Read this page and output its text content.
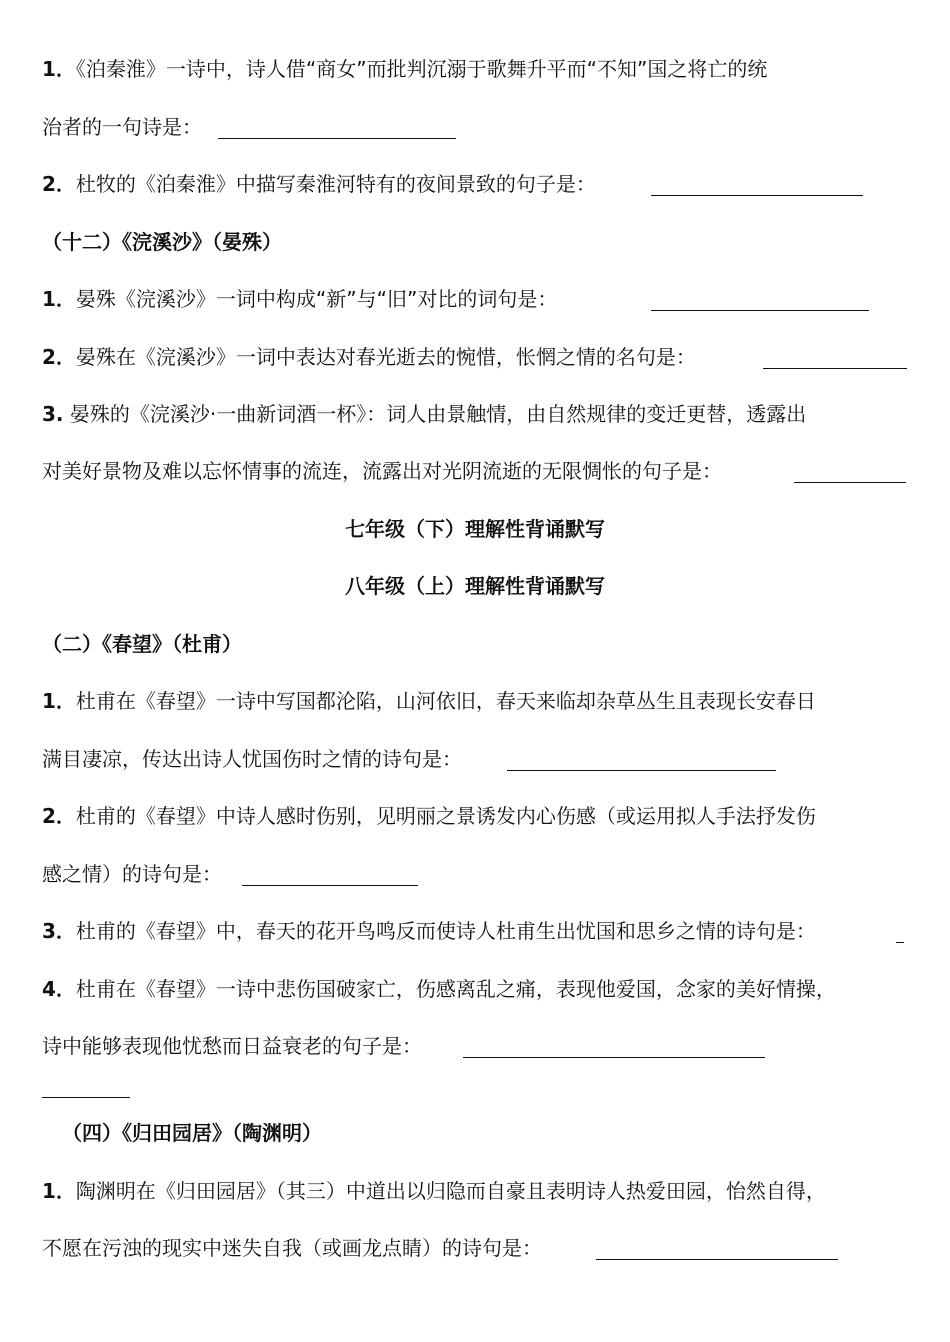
1．《泊秦淮》一诗中，诗人借“商女”而批判沉溺于歌舞升平而“不知”国之将亡的统
治者的一句诗是：
2．杜牧的《泊秦淮》中描写秦淮河特有的夜间景致的句子是：
（十二）《浣溪沙》（晏殊）
1．晏殊《浣溪沙》一词中构成“新”与“旧”对比的词句是：
2．晏殊在《浣溪沙》一词中表达对春光逝去的惋惜，怅惘之情的名句是：
3. 晏殊的《浣溪沙·一曲新词酒一杯》：词人由景触情，由自然规律的变迁更替，透露出
对美好景物及难以忘怀情事的流连，流露出对光阴流逝的无限惆怅的句子是：
七年级（下）理解性背诵默写
八年级（上）理解性背诵默写
（二）《春望》（杜甫）
1．杜甫在《春望》一诗中写国都沦陷，山河依旧，春天来临却杂草丛生且表现长安春日
满目凄凉，传达出诗人忧国伤时之情的诗句是：
2．杜甫的《春望》中诗人感时伤别，见明丽之景诱发内心伤感（或运用拟人手法抒发伤
感之情）的诗句是：
3．杜甫的《春望》中，春天的花开鸟鸣反而使诗人杜甫生出忧国和思乡之情的诗句是：
4．杜甫在《春望》一诗中悲伤国破家亡，伤感离乱之痛，表现他爱国，念家的美好情操，
诗中能够表现他忧愁而日益衰老的句子是：
（四）《归田园居》（陶渊明）
1．陶渊明在《归田园居》（其三）中道出以归隐而自豪且表明诗人热爱田园，怡然自得，
不愿在污浊的现实中迷失自我（或画龙点睛）的诗句是：
